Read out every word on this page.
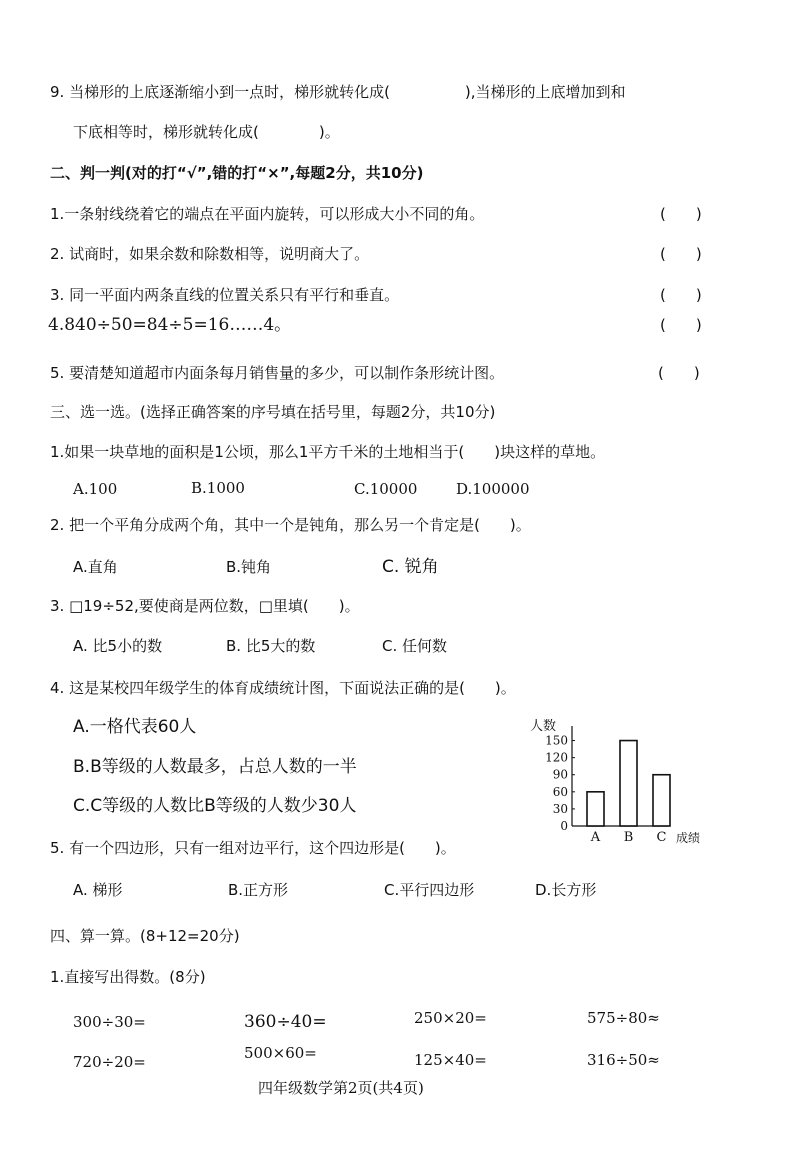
9. 当梯形的上底逐渐缩小到一点时，梯形就转化成(　　　　　),当梯形的上底增加到和
下底相等时，梯形就转化成(　　　　)。
二、判一判(对的打“√”,错的打“×”,每题2分，共10分)
1.一条射线绕着它的端点在平面内旋转，可以形成大小不同的角。	(　　)
2. 试商时，如果余数和除数相等，说明商大了。	(　　)
3. 同一平面内两条直线的位置关系只有平行和垂直。	(　　)
4.840÷50=84÷5=16……4。	(　　)
5. 要清楚知道超市内面条每月销售量的多少，可以制作条形统计图。	(　　)
三、选一选。(选择正确答案的序号填在括号里，每题2分，共10分)
1.如果一块草地的面积是1公顷，那么1平方千米的土地相当于(　　)块这样的草地。
A.100	B.1000	C.10000	D.100000
2. 把一个平角分成两个角，其中一个是钝角，那么另一个肯定是(　　)。
A.直角	B.钝角	C. 锐角
3. □19÷52,要使商是两位数，□里填(　　)。
A. 比5小的数	B. 比5大的数	C. 任何数
4. 这是某校四年级学生的体育成绩统计图，下面说法正确的是(　　)。
A.一格代表60人
B.B等级的人数最多，占总人数的一半
C.C等级的人数比B等级的人数少30人
人数
成绩
0
30
60
90
120
150
A B C
5. 有一个四边形，只有一组对边平行，这个四边形是(　　)。
A. 梯形	B.正方形	C.平行四边形	D.长方形
四、算一算。(8+12=20分)
1.直接写出得数。(8分)
300÷30=	360÷40=	250×20=	575÷80≈
720÷20=	500×60=	125×40=	316÷50≈
四年级数学第2页(共4页)
